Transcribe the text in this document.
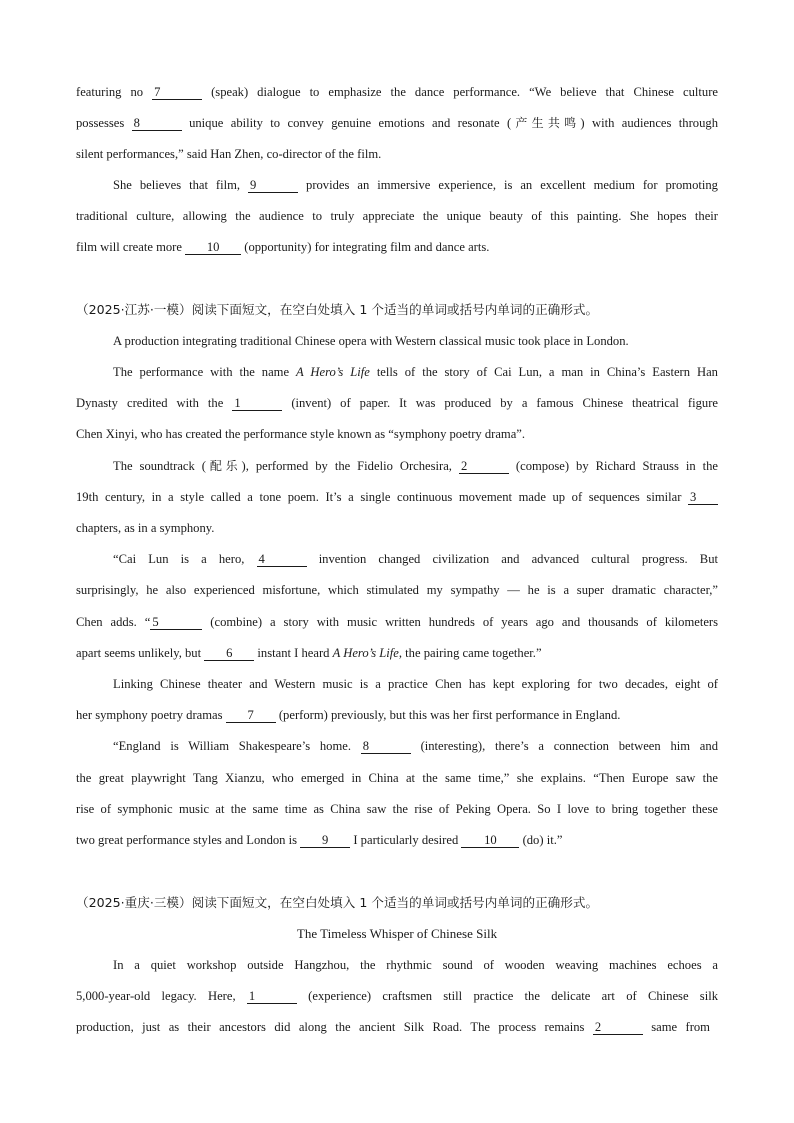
featuring no 7	(speak) dialogue to emphasize the dance performance. “We believe that Chinese culture
possesses 8	unique ability to convey genuine emotions and resonate (产生共鸣) with audiences through
silent performances,” said Han Zhen, co-director of the film.
She believes that film, 9	provides an immersive experience, is an excellent medium for promoting
traditional culture, allowing the audience to truly appreciate the unique beauty of this painting. She hopes their
film will create more 10 (opportunity) for integrating film and dance arts.
（2025·江苏·一模）阅读下面短文，在空白处填入 1 个适当的单词或括号内单词的正确形式。
A production integrating traditional Chinese opera with Western classical music took place in London.
The performance with the name A Hero’s Life tells of the story of Cai Lun, a man in China’s Eastern Han
Dynasty credited with the 1	(invent) of paper. It was produced by a famous Chinese theatrical figure
Chen Xinyi, who has created the performance style known as “symphony poetry drama”.
The soundtrack (配乐), performed by the Fidelio Orchesira, 2	(compose) by Richard Strauss in the
19th century, in a style called a tone poem. It’s a single continuous movement made up of sequences similar 3
chapters, as in a symphony.
“Cai Lun is a hero, 4	invention changed civilization and advanced cultural progress. But
surprisingly, he also experienced misfortune, which stimulated my sympathy — he is a super dramatic character,”
Chen adds. “ 5	(combine) a story with music written hundreds of years ago and thousands of kilometers
apart seems unlikely, but 6 instant I heard A Hero’s Life, the pairing came together.”
Linking Chinese theater and Western music is a practice Chen has kept exploring for two decades, eight of
her symphony poetry dramas 7 (perform) previously, but this was her first performance in England.
“England is William Shakespeare’s home. 8	(interesting), there’s a connection between him and
the great playwright Tang Xianzu, who emerged in China at the same time,” she explains. “Then Europe saw the
rise of symphonic music at the same time as China saw the rise of Peking Opera. So I love to bring together these
two great performance styles and London is 9 I particularly desired 10 (do) it.”
（2025·重庆·三模）阅读下面短文，在空白处填入 1 个适当的单词或括号内单词的正确形式。
The Timeless Whisper of Chinese Silk
In a quiet workshop outside Hangzhou, the rhythmic sound of wooden weaving machines echoes a
5,000-year-old legacy. Here, 1	(experience) craftsmen still practice the delicate art of Chinese silk
production, just as their ancestors did along the ancient Silk Road. The process remains 2	same from
